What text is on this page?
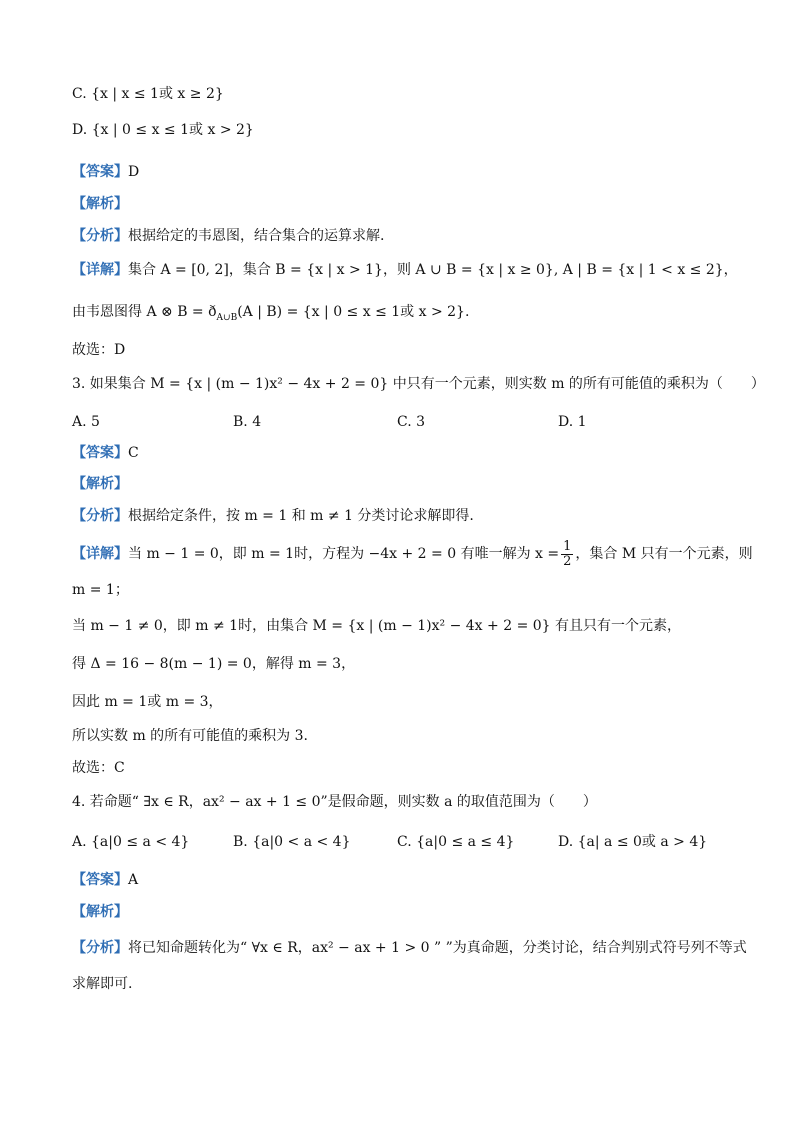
C. {x | x ≤ 1或 x ≥ 2}
D. {x | 0 ≤ x ≤ 1或 x > 2}
【答案】D
【解析】
【分析】根据给定的韦恩图，结合集合的运算求解.
【详解】集合 A = [0, 2]，集合 B = {x | x > 1}，则 A ∪ B = {x | x ≥ 0}, A | B = {x | 1 < x ≤ 2}，
由韦恩图得 A ⊗ $B = ð_{A\cup B}(A$ | B) = {x | 0 ≤ x ≤ 1或 x > 2}.
故选：D
3. 如果集合 M = {x | (m − 1)x² − 4x + 2 = 0} 中只有一个元素，则实数 m 的所有可能值的乘积为（　　）
A. 5	B. 4	C. 3	D. 1
【答案】C
【解析】
【分析】根据给定条件，按 m = 1 和 m ≠ 1 分类讨论求解即得.
【详解】当 m − 1 = 0，即 m = 1时，方程为 −4x + 2 = 0 有唯一解为 $x = \frac{1}{2}$ ，集合 M 只有一个元素，则
m = 1；
当 m − 1 ≠ 0，即 m ≠ 1时，由集合 M = {x | (m − 1)x² − 4x + 2 = 0} 有且只有一个元素，
得 Δ = 16 − 8(m − 1) = 0，解得 m = 3，
因此 m = 1或 m = 3，
所以实数 m 的所有可能值的乘积为 3.
故选：C
4. 若命题“ ∃x ∈ R，ax² − ax + 1 ≤ 0”是假命题，则实数 a 的取值范围为（　　）
A. {a|0 ≤ a < 4}	B. {a|0 < a < 4}	C. {a|0 ≤ a ≤ 4}	D. {a| a ≤ 0或 a > 4}
【答案】A
【解析】
【分析】将已知命题转化为“ ∀x ∈ R，ax² − ax + 1 > 0 ” ”为真命题，分类讨论，结合判别式符号列不等式
求解即可.
